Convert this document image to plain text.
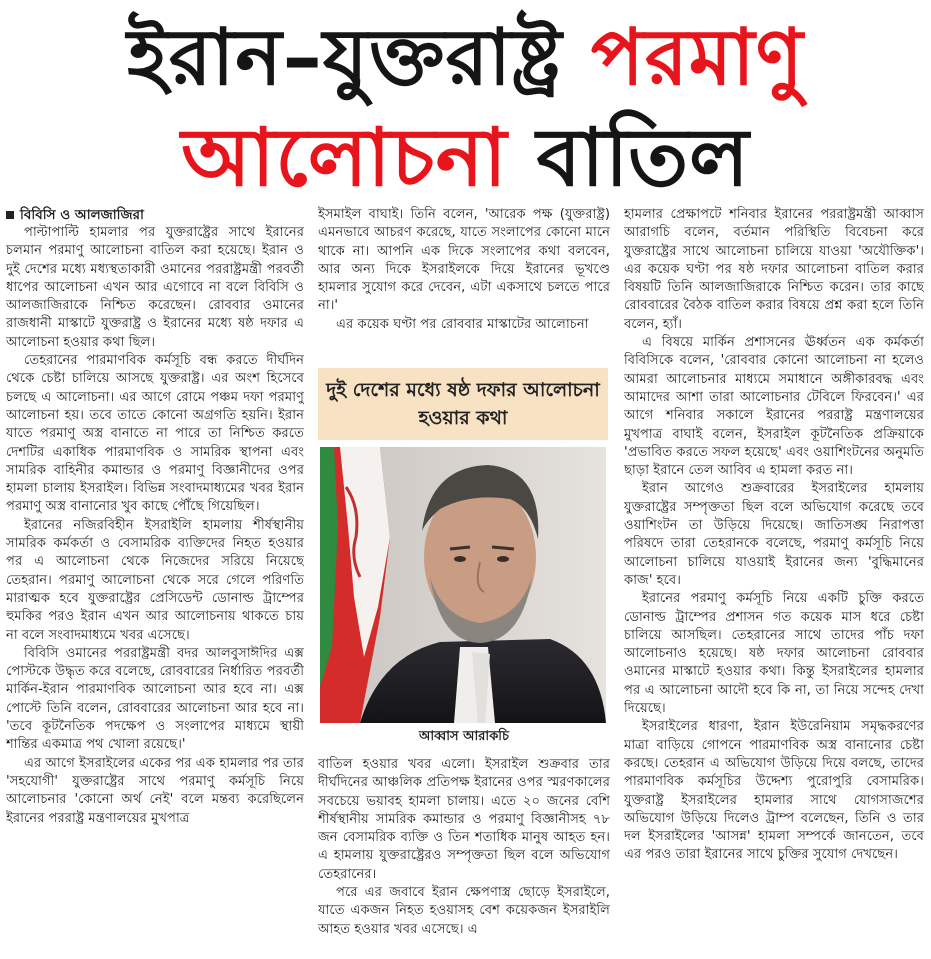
ইরান–যুক্তরাষ্ট্র পরমাণু
আলোচনা বাতিল
বিবিসি ও আলজাজিরা

পাল্টাপাল্টি হামলার পর যুক্তরাষ্ট্রের সাথে ইরানের চলমান পরমাণু আলোচনা বাতিল করা হয়েছে। ইরান ও দুই দেশের মধ্যে মধ্যস্থতাকারী ওমানের পররাষ্ট্রমন্ত্রী পরবর্তী ধাপের আলোচনা এখন আর এগোবে না বলে বিবিসি ও আলজাজিরাকে নিশ্চিত করেছেন। রোববার ওমানের রাজধানী মাস্কাটে যুক্তরাষ্ট্র ও ইরানের মধ্যে ষষ্ঠ দফার এ আলোচনা হওয়ার কথা ছিল।

তেহরানের পারমাণবিক কর্মসূচি বন্ধ করতে দীর্ঘদিন থেকে চেষ্টা চালিয়ে আসছে যুক্তরাষ্ট্র। এর অংশ হিসেবে চলছে এ আলোচনা। এর আগে রোমে পঞ্চম দফা পরমাণু আলোচনা হয়। তবে তাতে কোনো অগ্রগতি হয়নি। ইরান যাতে পরমাণু অস্ত্র বানাতে না পারে তা নিশ্চিত করতে দেশটির একাধিক পারমাণবিক ও সামরিক স্থাপনা এবং সামরিক বাহিনীর কমান্ডার ও পরমাণু বিজ্ঞানীদের ওপর হামলা চালায় ইসরাইল। বিভিন্ন সংবাদমাধ্যমের খবর ইরান পরমাণু অস্ত্র বানানোর খুব কাছে পৌঁছে গিয়েছিল।

ইরানের নজিরবিহীন ইসরাইলি হামলায় শীর্ষস্থানীয় সামরিক কর্মকর্তা ও বেসামরিক ব্যক্তিদের নিহত হওয়ার পর এ আলোচনা থেকে নিজেদের সরিয়ে নিয়েছে তেহরান। পরমাণু আলোচনা থেকে সরে গেলে পরিণতি মারাত্মক হবে যুক্তরাষ্ট্রের প্রেসিডেন্ট ডোনাল্ড ট্রাম্পের হুমকির পরও ইরান এখন আর আলোচনায় থাকতে চায় না বলে সংবাদমাধ্যমে খবর এসেছে।

বিবিসি ওমানের পররাষ্ট্রমন্ত্রী বদর আলবুসাঈদির এক্স পোস্টকে উদ্ধৃত করে বলেছে, রোববারের নির্ধারিত পরবর্তী মার্কিন-ইরান পারমাণবিক আলোচনা আর হবে না। এক্স পোস্টে তিনি বলেন, রোববারের আলোচনা আর হবে না। 'তবে কূটনৈতিক পদক্ষেপ ও সংলাপের মাধ্যমে স্থায়ী শান্তির একমাত্র পথ খোলা রয়েছে।'

এর আগে ইসরাইলের একের পর এক হামলার পর তার 'সহযোগী' যুক্তরাষ্ট্রের সাথে পরমাণু কর্মসূচি নিয়ে আলোচনার 'কোনো অর্থ নেই' বলে মন্তব্য করেছিলেন ইরানের পররাষ্ট্র মন্ত্রণালয়ের মুখপাত্র

ইসমাইল বাঘাই। তিনি বলেন, 'আরেক পক্ষ (যুক্তরাষ্ট্র) এমনভাবে আচরণ করেছে, যাতে সংলাপের কোনো মানে থাকে না। আপনি এক দিকে সংলাপের কথা বলবেন, আর অন্য দিকে ইসরাইলকে দিয়ে ইরানের ভূখণ্ডে হামলার সুযোগ করে দেবেন, এটা একসাথে চলতে পারে না।'

এর কয়েক ঘণ্টা পর রোববার মাস্কাটের আলোচনা

দুই দেশের মধ্যে ষষ্ঠ দফার আলোচনা হওয়ার কথা
আব্বাস আরাকচি

বাতিল হওয়ার খবর এলো। ইসরাইল শুক্রবার তার দীর্ঘদিনের আঞ্চলিক প্রতিপক্ষ ইরানের ওপর স্মরণকালের সবচেয়ে ভয়াবহ হামলা চালায়। এতে ২০ জনের বেশি শীর্ষস্থানীয় সামরিক কমান্ডার ও পরমাণু বিজ্ঞানীসহ ৭৮ জন বেসামরিক ব্যক্তি ও তিন শতাধিক মানুষ আহত হন। এ হামলায় যুক্তরাষ্ট্রেরও সম্পৃক্ততা ছিল বলে অভিযোগ তেহরানের।

পরে এর জবাবে ইরান ক্ষেপণাস্ত্র ছোড়ে ইসরাইলে, যাতে একজন নিহত হওয়াসহ বেশ কয়েকজন ইসরাইলি আহত হওয়ার খবর এসেছে। এ

হামলার প্রেক্ষাপটে শনিবার ইরানের পররাষ্ট্রমন্ত্রী আব্বাস আরাগচি বলেন, বর্তমান পরিস্থিতি বিবেচনা করে যুক্তরাষ্ট্রের সাথে আলোচনা চালিয়ে যাওয়া 'অযৌক্তিক'। এর কয়েক ঘণ্টা পর ষষ্ঠ দফার আলোচনা বাতিল করার বিষয়টি তিনি আলজাজিরাকে নিশ্চিত করেন। তার কাছে রোববারের বৈঠক বাতিল করার বিষয়ে প্রশ্ন করা হলে তিনি বলেন, হ্যাঁ।

এ বিষয়ে মার্কিন প্রশাসনের ঊর্ধ্বতন এক কর্মকর্তা বিবিসিকে বলেন, 'রোববার কোনো আলোচনা না হলেও আমরা আলোচনার মাধ্যমে সমাধানে অঙ্গীকারবদ্ধ এবং আমাদের আশা তারা আলোচনার টেবিলে ফিরবেন।' এর আগে শনিবার সকালে ইরানের পররাষ্ট্র মন্ত্রণালয়ের মুখপাত্র বাঘাই বলেন, ইসরাইল কূটনৈতিক প্রক্রিয়াকে 'প্রভাবিত করতে সফল হয়েছে' এবং ওয়াশিংটনের অনুমতি ছাড়া ইরানে তেল আবিব এ হামলা করত না।

ইরান আগেও শুক্রবারের ইসরাইলের হামলায় যুক্তরাষ্ট্রের সম্পৃক্ততা ছিল বলে অভিযোগ করেছে তবে ওয়াশিংটন তা উড়িয়ে দিয়েছে। জাতিসঙ্ঘ নিরাপত্তা পরিষদে তারা তেহরানকে বলেছে, পরমাণু কর্মসূচি নিয়ে আলোচনা চালিয়ে যাওয়াই ইরানের জন্য 'বুদ্ধিমানের কাজ' হবে।

ইরানের পরমাণু কর্মসূচি নিয়ে একটি চুক্তি করতে ডোনাল্ড ট্রাম্পের প্রশাসন গত কয়েক মাস ধরে চেষ্টা চালিয়ে আসছিল। তেহরানের সাথে তাদের পাঁচ দফা আলোচনাও হয়েছে। ষষ্ঠ দফার আলোচনা রোববার ওমানের মাস্কাটে হওয়ার কথা। কিন্তু ইসরাইলের হামলার পর এ আলোচনা আদৌ হবে কি না, তা নিয়ে সন্দেহ দেখা দিয়েছে।

ইসরাইলের ধারণা, ইরান ইউরেনিয়াম সমৃদ্ধকরণের মাত্রা বাড়িয়ে গোপনে পারমাণবিক অস্ত্র বানানোর চেষ্টা করছে। তেহরান এ অভিযোগ উড়িয়ে দিয়ে বলছে, তাদের পারমাণবিক কর্মসূচির উদ্দেশ্য পুরোপুরি বেসামরিক। যুক্তরাষ্ট্র ইসরাইলের হামলার সাথে যোগসাজশের অভিযোগ উড়িয়ে দিলেও ট্রাম্প বলেছেন, তিনি ও তার দল ইসরাইলের 'আসন্ন' হামলা সম্পর্কে জানতেন, তবে এর পরও তারা ইরানের সাথে চুক্তির সুযোগ দেখছেন।
